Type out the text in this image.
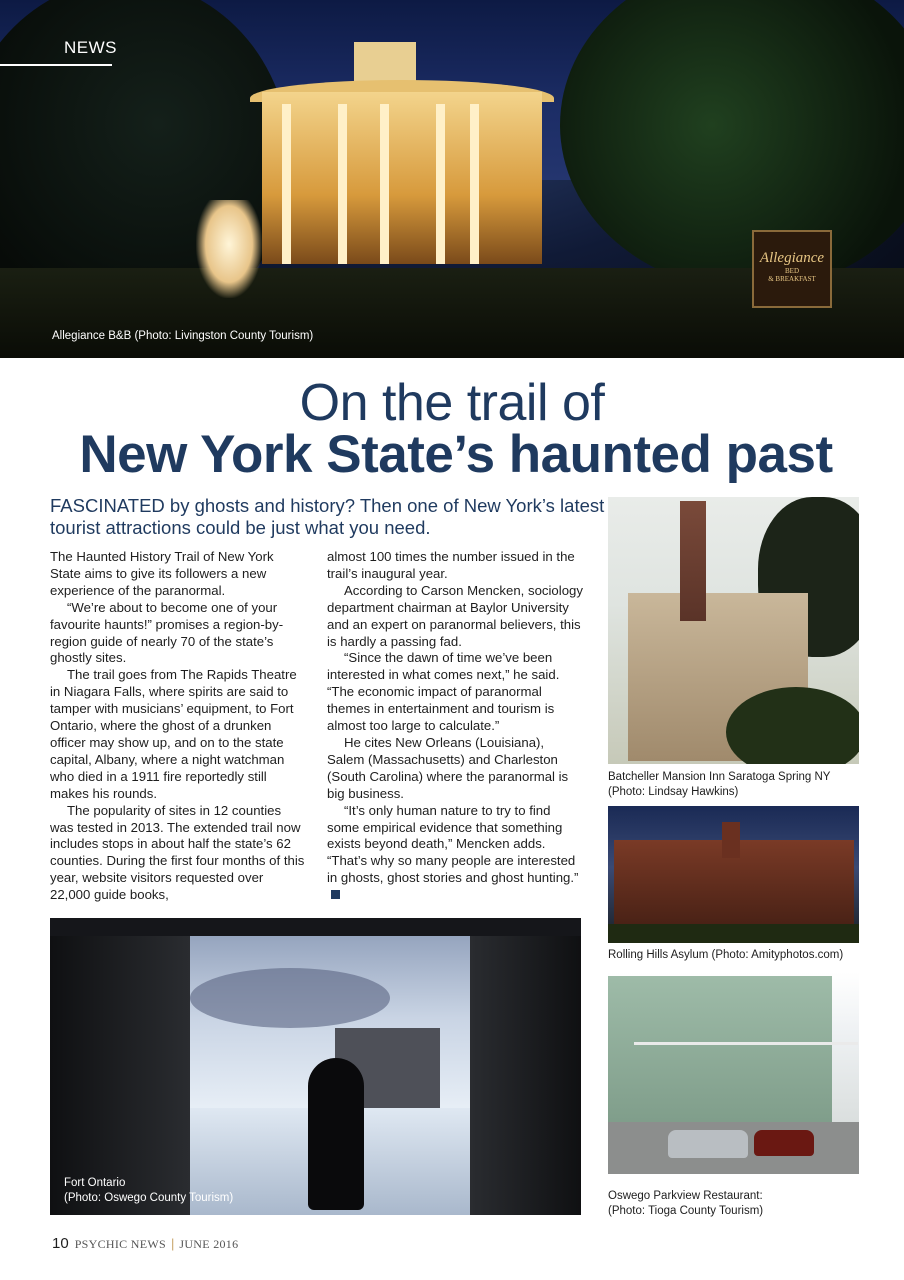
Allegiance
BED
& BREAKFAST
NEWS
Allegiance B&B (Photo: Livingston County Tourism)
On the trail of
New York State’s haunted past
FASCINATED by ghosts and history? Then one of New York’s latest tourist attractions could be just what you need.

The Haunted History Trail of New York State aims to give its followers a new experience of the paranormal.

“We’re about to become one of your favourite haunts!” promises a region-by-region guide of nearly 70 of the state’s ghostly sites.

The trail goes from The Rapids Theatre in Niagara Falls, where spirits are said to tamper with musicians’ equipment, to Fort Ontario, where the ghost of a drunken officer may show up, and on to the state capital, Albany, where a night watchman who died in a 1911 fire reportedly still makes his rounds.

The popularity of sites in 12 counties was tested in 2013. The extended trail now includes stops in about half the state’s 62 counties. During the first four months of this year, website visitors requested over 22,000 guide books,

almost 100 times the number issued in the trail’s inaugural year.

According to Carson Mencken, sociology department chairman at Baylor University and an expert on paranormal believers, this is hardly a passing fad.

“Since the dawn of time we’ve been interested in what comes next,” he said. “The economic impact of paranormal themes in entertainment and tourism is almost too large to calculate.”

He cites New Orleans (Louisiana), Salem (Massachusetts) and Charleston (South Carolina) where the paranormal is big business.

“It’s only human nature to try to find some empirical evidence that something exists beyond death,” Mencken adds. “That’s why so many people are interested in ghosts, ghost stories and ghost hunting.”

Batcheller Mansion Inn Saratoga Spring NY
(Photo: Lindsay Hawkins)
Rolling Hills Asylum (Photo: Amityphotos.com)
Oswego Parkview Restaurant:
(Photo: Tioga County Tourism)
Fort Ontario
(Photo: Oswego County Tourism)
10 PSYCHIC NEWS | JUNE 2016
